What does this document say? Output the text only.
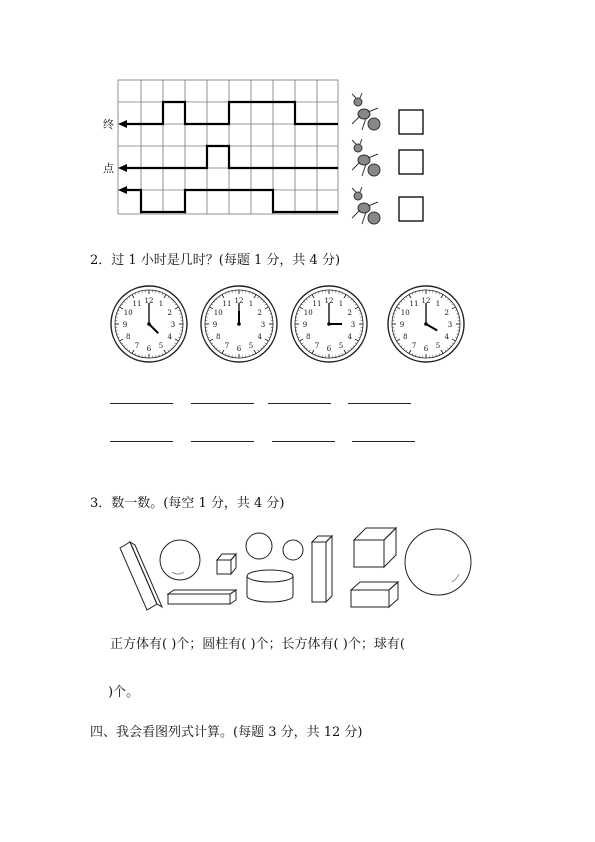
终
点
2．过 1 小时是几时？(每题 1 分，共 4 分)
12 1
2
3
4
5
6
7
8
9
10
11	12 1
2
3
4
5
6
7
8
9
10
11	12 1
2
3
4
5
6
7
8
9
10
11	12 1
2
3
4
5
6
7
8
9
10
11
3．数一数。(每空 1 分，共 4 分)
正方体有( )个；圆柱有( )个；长方体有( )个；球有(
)个。
四、我会看图列式计算。(每题 3 分，共 12 分)
